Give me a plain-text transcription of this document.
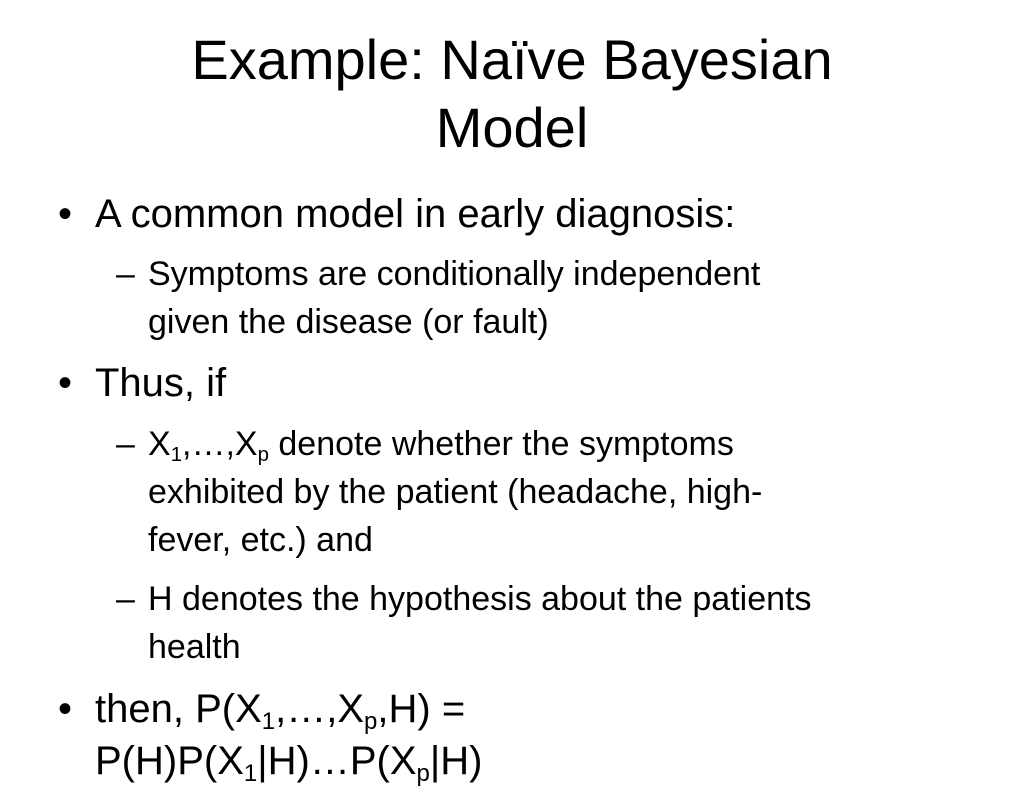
Example: Naïve Bayesian
Model
• A common model in early diagnosis:
– Symptoms are conditionally independent
given the disease (or fault)
• Thus, if
– $X_1,\dots,X_p$ denote whether the symptoms
exhibited by the patient (headache, high-
fever, etc.) and
– H denotes the hypothesis about the patients
health
• then, $P(X_1,\dots,X_p,H)$ =
$P(H)P(X_1|H)\dots P(X_p|H)$
